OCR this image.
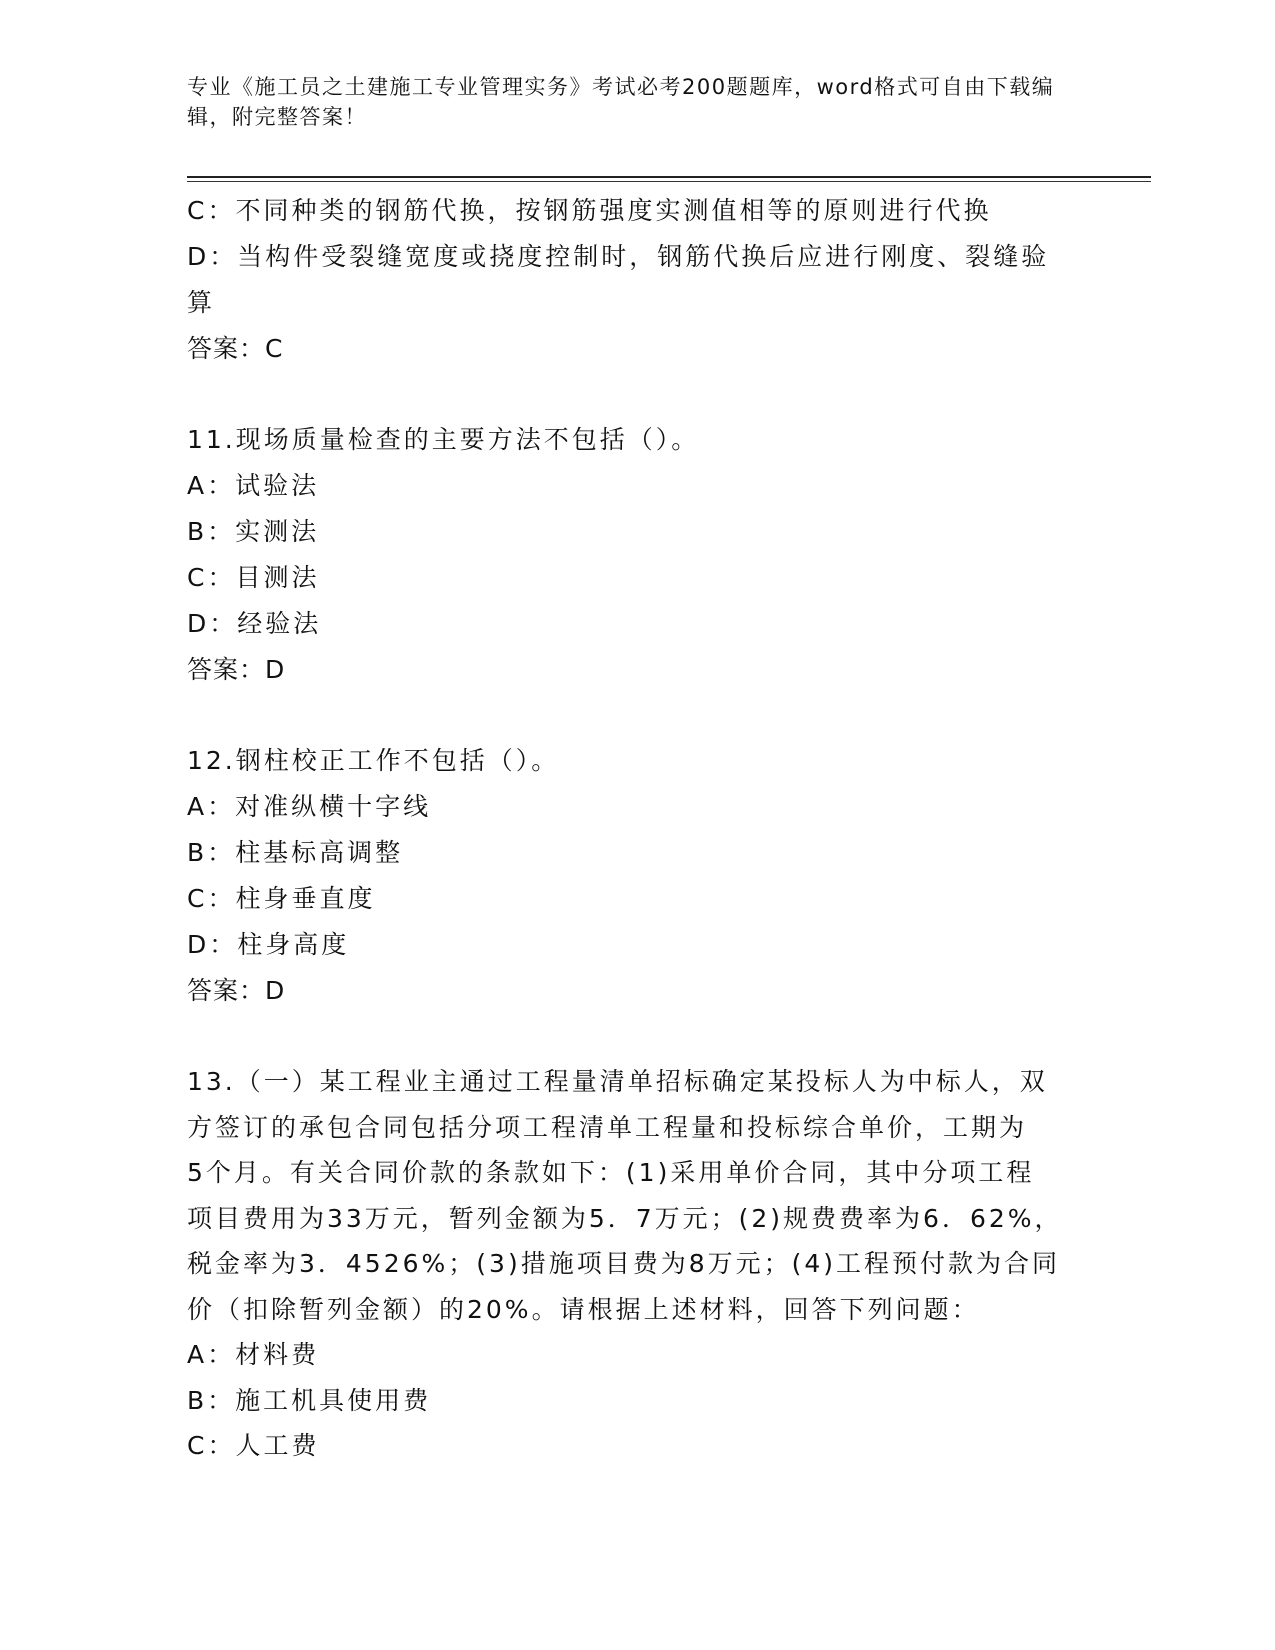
专业《施工员之土建施工专业管理实务》考试必考200题题库，word格式可自由下载编辑，附完整答案！
C：不同种类的钢筋代换，按钢筋强度实测值相等的原则进行代换
D：当构件受裂缝宽度或挠度控制时，钢筋代换后应进行刚度、裂缝验
算
答案：C
11.现场质量检查的主要方法不包括（）。
A：试验法
B：实测法
C：目测法
D：经验法
答案：D
12.钢柱校正工作不包括（）。
A：对准纵横十字线
B：柱基标高调整
C：柱身垂直度
D：柱身高度
答案：D
13.（一）某工程业主通过工程量清单招标确定某投标人为中标人，双
方签订的承包合同包括分项工程清单工程量和投标综合单价，工期为
5个月。有关合同价款的条款如下：(1)采用单价合同，其中分项工程
项目费用为33万元，暂列金额为5．7万元；(2)规费费率为6．62%，
税金率为3．4526%；(3)措施项目费为8万元；(4)工程预付款为合同
价（扣除暂列金额）的20%。请根据上述材料，回答下列问题：
A：材料费
B：施工机具使用费
C：人工费
